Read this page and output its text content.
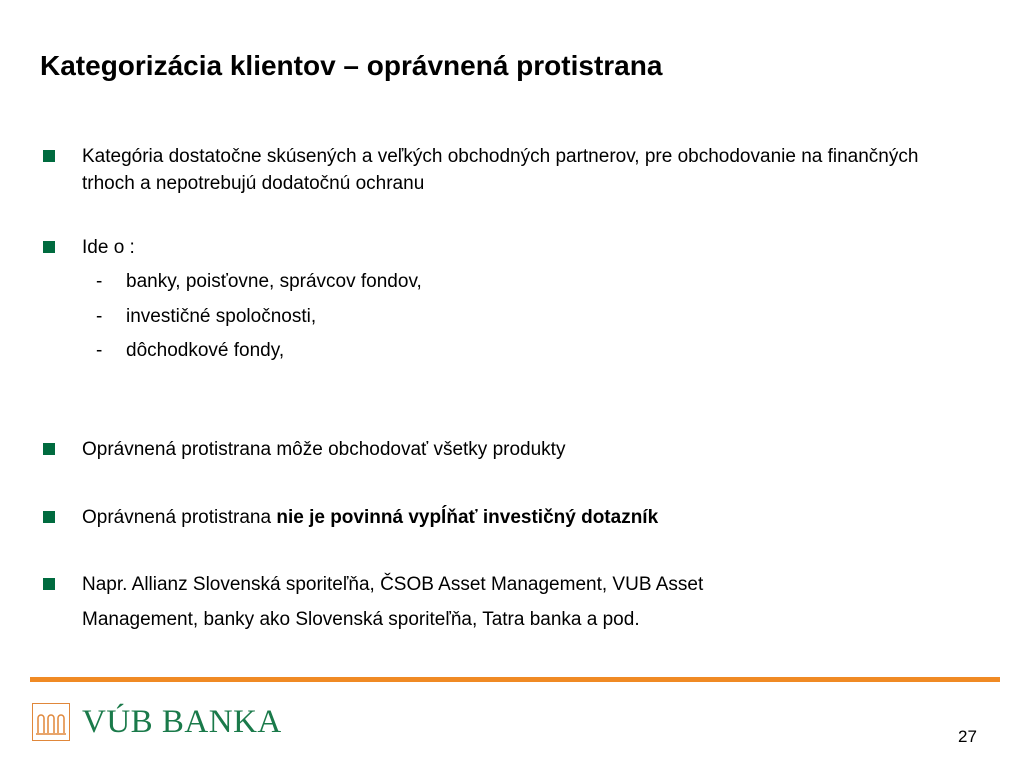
Kategorizácia klientov – oprávnená protistrana
Kategória dostatočne skúsených a veľkých obchodných partnerov, pre obchodovanie na finančných trhoch a nepotrebujú dodatočnú ochranu
Ide o :
- banky, poisťovne, správcov fondov,
- investičné spoločnosti,
- dôchodkové fondy,
Oprávnená protistrana môže obchodovať všetky produkty
Oprávnená protistrana nie je povinná vypĺňať investičný dotazník
Napr. Allianz Slovenská sporiteľňa, ČSOB Asset Management, VUB Asset
Management, banky ako Slovenská sporiteľňa, Tatra banka a pod.
VÚB BANKA	27
